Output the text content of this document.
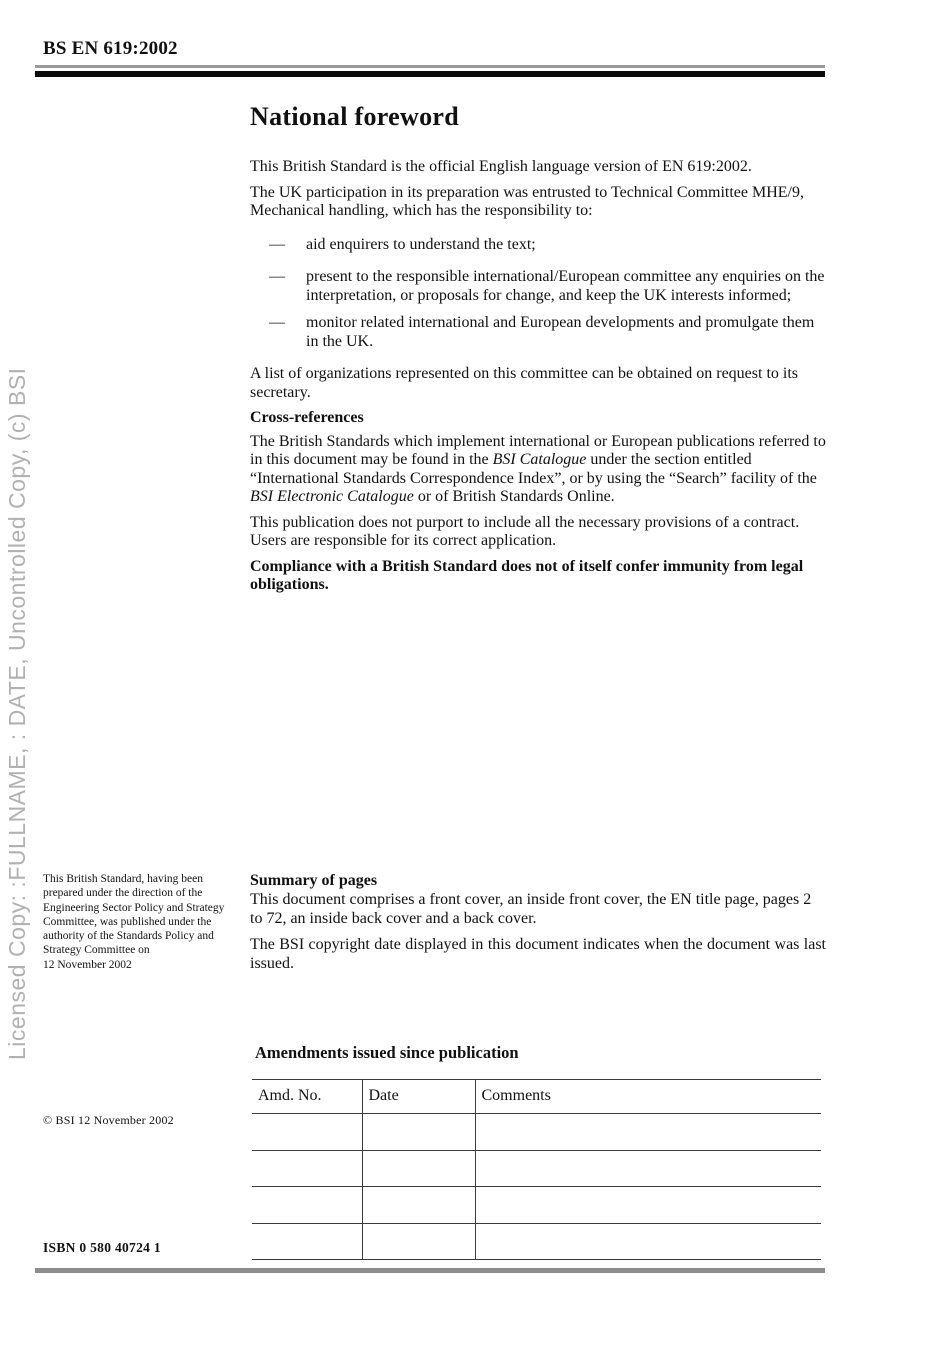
BS EN 619:2002
Licensed Copy: :FULLNAME, : DATE, Uncontrolled Copy, (c) BSI
National foreword

This British Standard is the official English language version of EN 619:2002.

The UK participation in its preparation was entrusted to Technical Committee MHE/9, Mechanical handling, which has the responsibility to:

—	aid enquirers to understand the text;
—	present to the responsible international/European committee any enquiries on the interpretation, or proposals for change, and keep the UK interests informed;
—	monitor related international and European developments and promulgate them in the UK.

A list of organizations represented on this committee can be obtained on request to its secretary.

Cross-references

The British Standards which implement international or European publications referred to in this document may be found in the BSI Catalogue under the section entitled “International Standards Correspondence Index”, or by using the “Search” facility of the BSI Electronic Catalogue or of British Standards Online.

This publication does not purport to include all the necessary provisions of a contract. Users are responsible for its correct application.

Compliance with a British Standard does not of itself confer immunity from legal obligations.

This British Standard, having been prepared under the direction of the Engineering Sector Policy and Strategy Committee, was published under the authority of the Standards Policy and Strategy Committee on
12 November 2002
Summary of pages

This document comprises a front cover, an inside front cover, the EN title page, pages 2 to 72, an inside back cover and a back cover.

The BSI copyright date displayed in this document indicates when the document was last issued.

Amendments issued since publication
Amd. No.	Date	Comments

© BSI 12 November 2002
ISBN 0 580 40724 1
